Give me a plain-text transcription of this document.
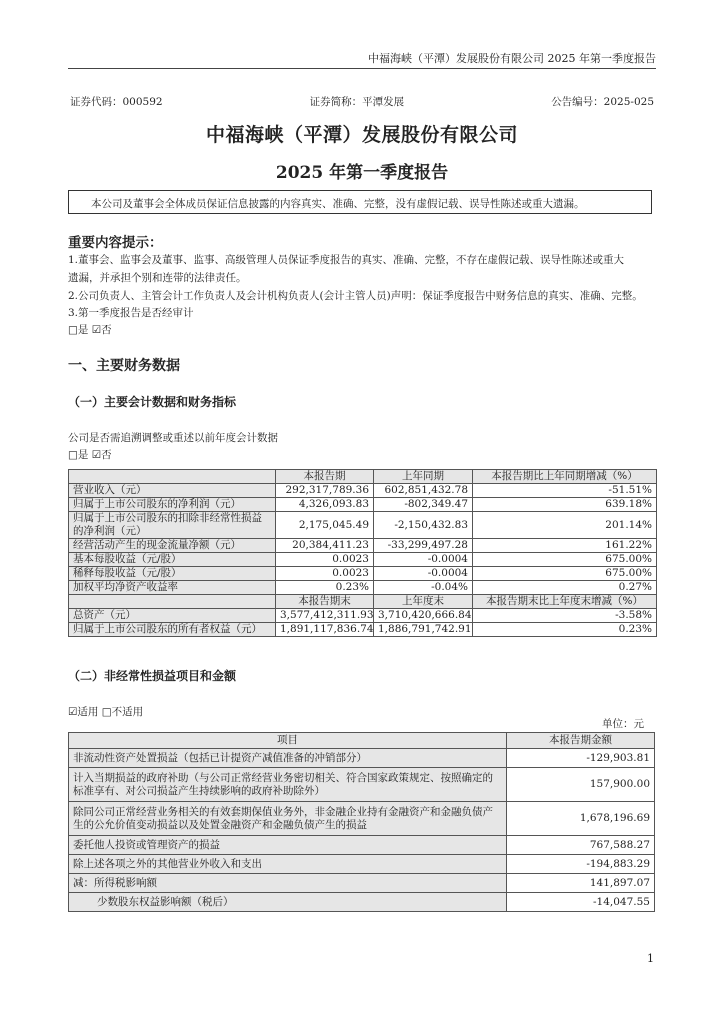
中福海峡（平潭）发展股份有限公司 2025 年第一季度报告
证券代码：000592	证券简称：平潭发展	公告编号：2025-025
中福海峡（平潭）发展股份有限公司
2025 年第一季度报告
本公司及董事会全体成员保证信息披露的内容真实、准确、完整，没有虚假记载、误导性陈述或重大遗漏。
重要内容提示：
1.董事会、监事会及董事、监事、高级管理人员保证季度报告的真实、准确、完整，不存在虚假记载、误导性陈述或重大
遗漏，并承担个别和连带的法律责任。
2.公司负责人、主管会计工作负责人及会计机构负责人(会计主管人员)声明：保证季度报告中财务信息的真实、准确、完整。
3.第一季度报告是否经审计
□是 ☑否
一、主要财务数据
（一）主要会计数据和财务指标
公司是否需追溯调整或重述以前年度会计数据
□是 ☑否
	本报告期	上年同期	本报告期比上年同期增减（%）
营业收入（元）	292,317,789.36	602,851,432.78	-51.51%
归属于上市公司股东的净利润（元）	4,326,093.83	-802,349.47	639.18%
归属于上市公司股东的扣除非经常性损益的净利润（元）	2,175,045.49	-2,150,432.83	201.14%
经营活动产生的现金流量净额（元）	20,384,411.23	-33,299,497.28	161.22%
基本每股收益（元/股）	0.0023	-0.0004	675.00%
稀释每股收益（元/股）	0.0023	-0.0004	675.00%
加权平均净资产收益率	0.23%	-0.04%	0.27%
	本报告期末	上年度末	本报告期末比上年度末增减（%）
总资产（元）	3,577,412,311.93	3,710,420,666.84	-3.58%
归属于上市公司股东的所有者权益（元）	1,891,117,836.74	1,886,791,742.91	0.23%
（二）非经常性损益项目和金额
☑适用 □不适用
单位：元
项目	本报告期金额
非流动性资产处置损益（包括已计提资产减值准备的冲销部分）	-129,903.81
计入当期损益的政府补助（与公司正常经营业务密切相关、符合国家政策规定、按照确定的标准享有、对公司损益产生持续影响的政府补助除外）	157,900.00
除同公司正常经营业务相关的有效套期保值业务外，非金融企业持有金融资产和金融负债产生的公允价值变动损益以及处置金融资产和金融负债产生的损益	1,678,196.69
委托他人投资或管理资产的损益	767,588.27
除上述各项之外的其他营业外收入和支出	-194,883.29
减：所得税影响额	141,897.07
少数股东权益影响额（税后）	-14,047.55
1
